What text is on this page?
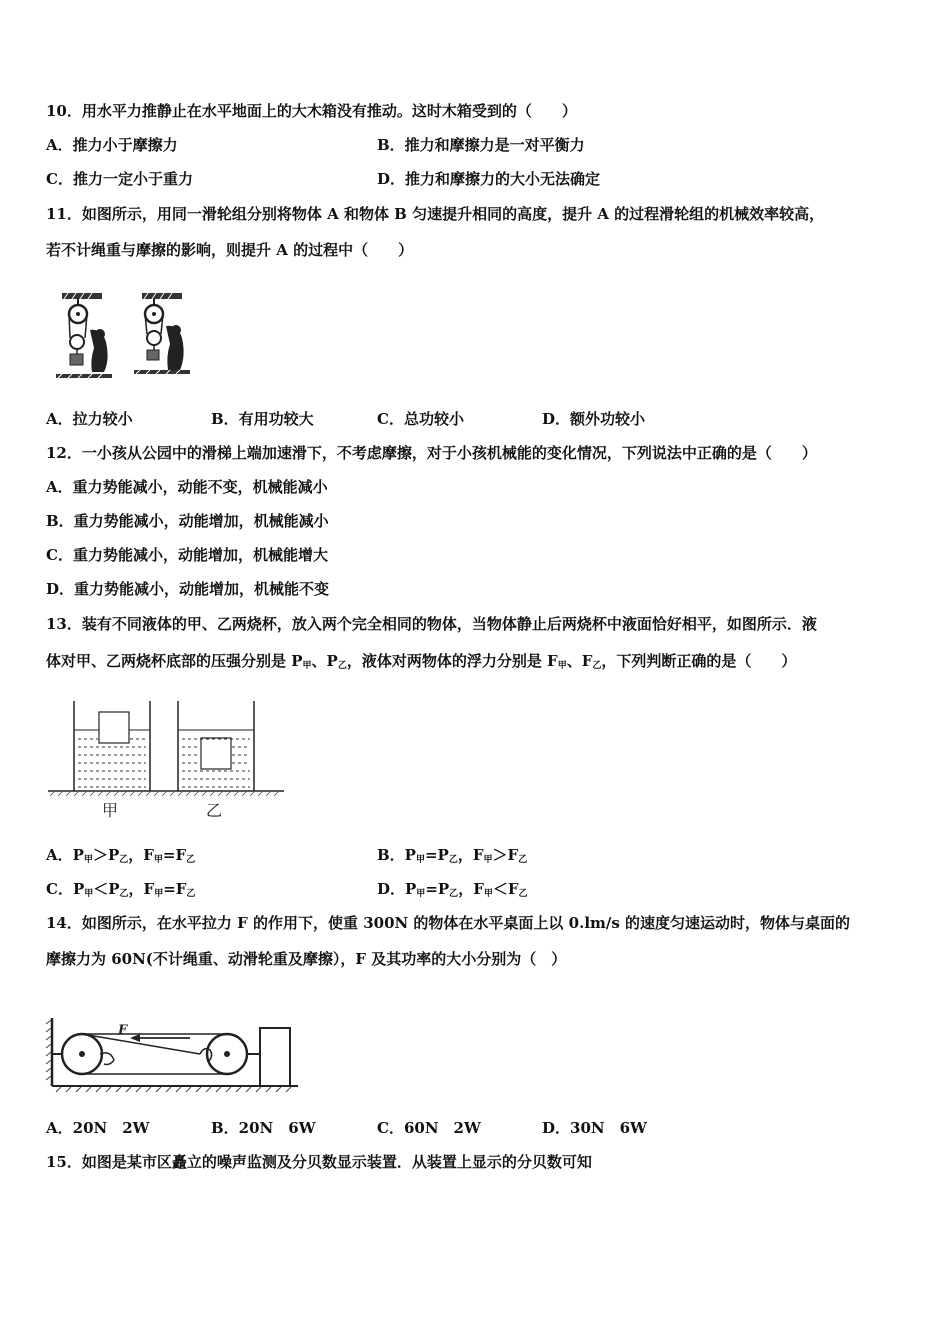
10．用水平力推静止在水平地面上的大木箱没有推动。这时木箱受到的（　　）
A．推力小于摩擦力	B．推力和摩擦力是一对平衡力
C．推力一定小于重力	D．推力和摩擦力的大小无法确定
11．如图所示，用同一滑轮组分别将物体 A 和物体 B 匀速提升相同的高度，提升 A 的过程滑轮组的机械效率较高，
若不计绳重与摩擦的影响，则提升 A 的过程中（　　）
A．拉力较小	B．有用功较大	C．总功较小	D．额外功较小
12．一小孩从公园中的滑梯上端加速滑下，不考虑摩擦，对于小孩机械能的变化情况，下列说法中正确的是（　　）
A．重力势能减小，动能不变，机械能减小
B．重力势能减小，动能增加，机械能减小
C．重力势能减小，动能增加，机械能增大
D．重力势能减小，动能增加，机械能不变
13．装有不同液体的甲、乙两烧杯，放入两个完全相同的物体，当物体静止后两烧杯中液面恰好相平，如图所示．液
体对甲、乙两烧杯底部的压强分别是 $P_甲$、$P_乙$，液体对两物体的浮力分别是 $F_甲$、$F_乙$，下列判断正确的是（　　）
甲	乙
A．$P_甲>P_乙$，$F_甲=F_乙$	B．$P_甲=P_乙$，$F_甲>F_乙$
C．$P_甲<P_乙$，$F_甲=F_乙$	D．$P_甲=P_乙$，$F_甲<F_乙$
14．如图所示，在水平拉力 F 的作用下，使重 300N 的物体在水平桌面上以 0.lm/s 的速度匀速运动时，物体与桌面的
摩擦力为 60N(不计绳重、动滑轮重及摩擦），F 及其功率的大小分别为（　）
F
A．20N　2W	B．20N　6W	C．60N　2W	D．30N　6W
15．如图是某市区矗立的噪声监测及分贝数显示装置．从装置上显示的分贝数可知
